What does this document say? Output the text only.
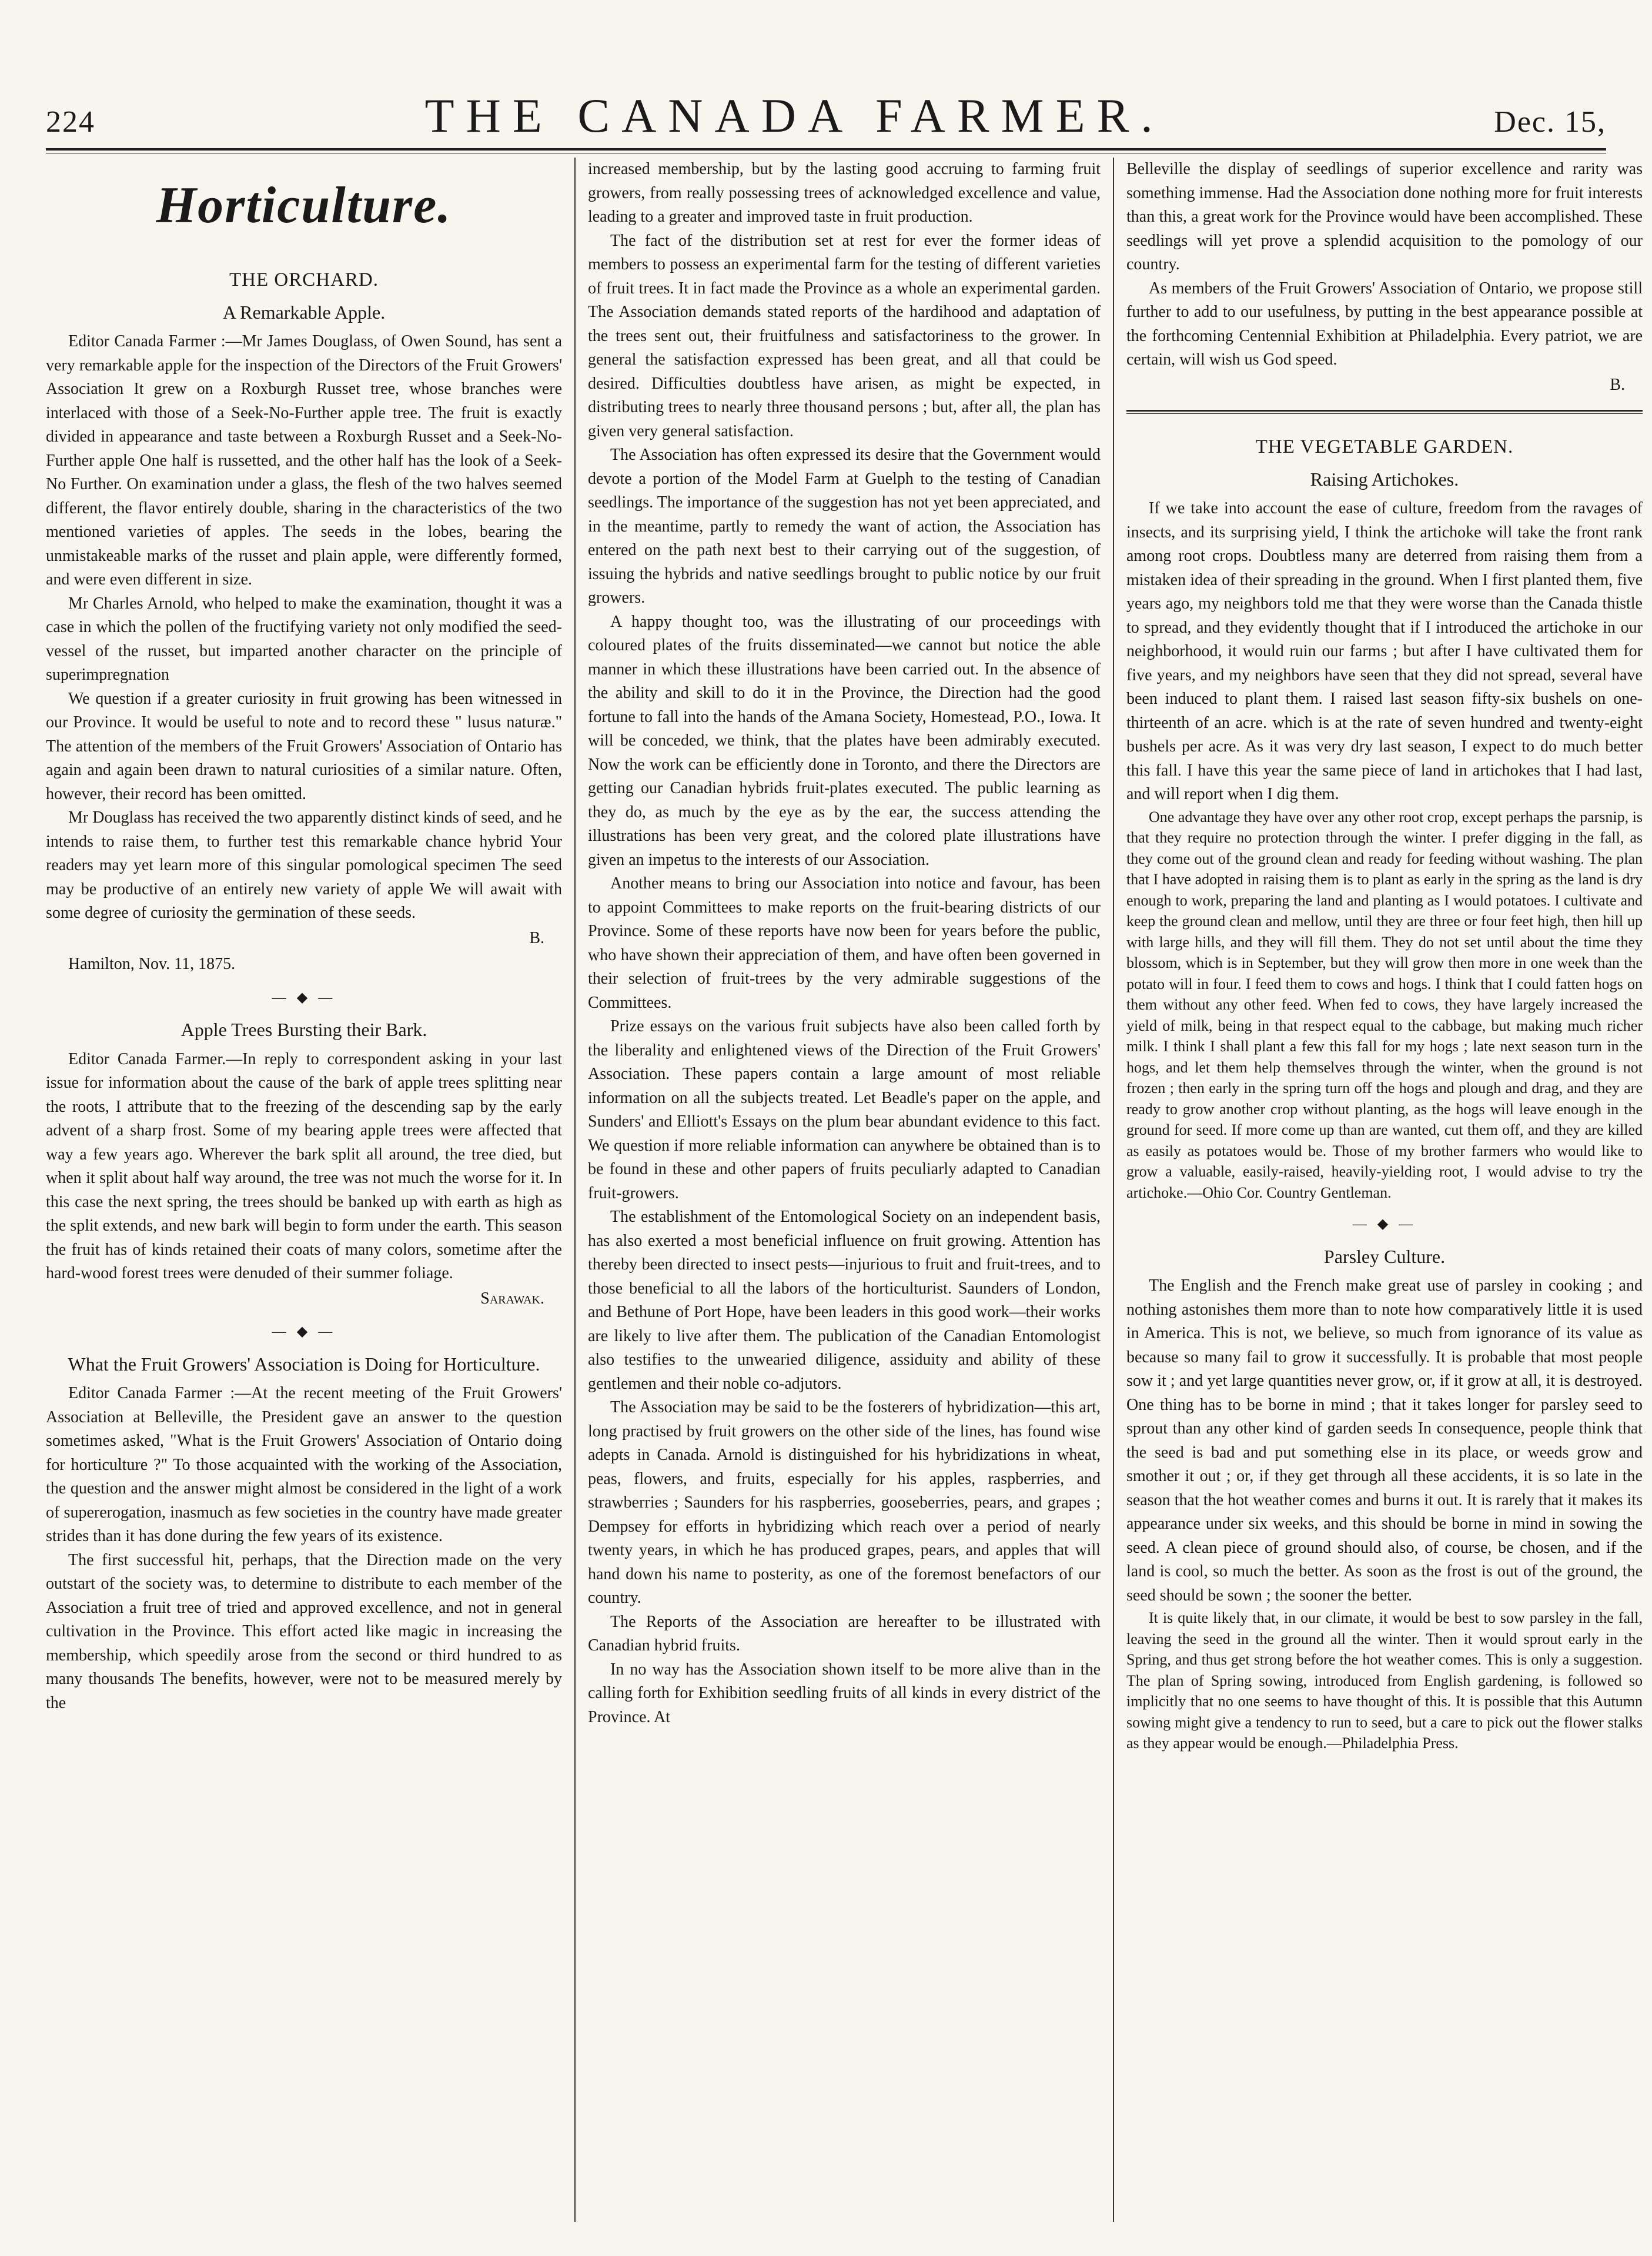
224	THE CANADA FARMER.	Dec. 15,
Horticulture.
THE ORCHARD.
A Remarkable Apple.

Editor Canada Farmer :—Mr James Douglass, of Owen Sound, has sent a very remarkable apple for the inspection of the Directors of the Fruit Growers' Association It grew on a Roxburgh Russet tree, whose branches were interlaced with those of a Seek-No-Further apple tree. The fruit is exactly divided in appearance and taste between a Roxburgh Russet and a Seek-No-Further apple One half is russetted, and the other half has the look of a Seek-No Further. On examination under a glass, the flesh of the two halves seemed different, the flavor entirely double, sharing in the characteristics of the two mentioned varieties of apples. The seeds in the lobes, bearing the unmistakeable marks of the russet and plain apple, were differently formed, and were even different in size.

Mr Charles Arnold, who helped to make the examination, thought it was a case in which the pollen of the fructifying variety not only modified the seed-vessel of the russet, but imparted another character on the principle of superimpregnation

We question if a greater curiosity in fruit growing has been witnessed in our Province. It would be useful to note and to record these " lusus naturæ." The attention of the members of the Fruit Growers' Association of Ontario has again and again been drawn to natural curiosities of a similar nature. Often, however, their record has been omitted.

Mr Douglass has received the two apparently distinct kinds of seed, and he intends to raise them, to further test this remarkable chance hybrid Your readers may yet learn more of this singular pomological specimen The seed may be productive of an entirely new variety of apple We will await with some degree of curiosity the germination of these seeds.

B.

Hamilton, Nov. 11, 1875.

— ◆ —
Apple Trees Bursting their Bark.

Editor Canada Farmer.—In reply to correspondent asking in your last issue for information about the cause of the bark of apple trees splitting near the roots, I attribute that to the freezing of the descending sap by the early advent of a sharp frost. Some of my bearing apple trees were affected that way a few years ago. Wherever the bark split all around, the tree died, but when it split about half way around, the tree was not much the worse for it. In this case the next spring, the trees should be banked up with earth as high as the split extends, and new bark will begin to form under the earth. This season the fruit has of kinds retained their coats of many colors, sometime after the hard-wood forest trees were denuded of their summer foliage.

Sarawak.
— ◆ —
What the Fruit Growers' Association is Doing for Horticulture.

Editor Canada Farmer :—At the recent meeting of the Fruit Growers' Association at Belleville, the President gave an answer to the question sometimes asked, "What is the Fruit Growers' Association of Ontario doing for horticulture ?" To those acquainted with the working of the Association, the question and the answer might almost be considered in the light of a work of supererogation, inasmuch as few societies in the country have made greater strides than it has done during the few years of its existence.

The first successful hit, perhaps, that the Direction made on the very outstart of the society was, to determine to distribute to each member of the Association a fruit tree of tried and approved excellence, and not in general cultivation in the Province. This effort acted like magic in increasing the membership, which speedily arose from the second or third hundred to as many thousands The benefits, however, were not to be measured merely by the

increased membership, but by the lasting good accruing to farming fruit growers, from really possessing trees of acknowledged excellence and value, leading to a greater and improved taste in fruit production.

The fact of the distribution set at rest for ever the former ideas of members to possess an experimental farm for the testing of different varieties of fruit trees. It in fact made the Province as a whole an experimental garden. The Association demands stated reports of the hardihood and adaptation of the trees sent out, their fruitfulness and satisfactoriness to the grower. In general the satisfaction expressed has been great, and all that could be desired. Difficulties doubtless have arisen, as might be expected, in distributing trees to nearly three thousand persons ; but, after all, the plan has given very general satisfaction.

The Association has often expressed its desire that the Government would devote a portion of the Model Farm at Guelph to the testing of Canadian seedlings. The importance of the suggestion has not yet been appreciated, and in the meantime, partly to remedy the want of action, the Association has entered on the path next best to their carrying out of the suggestion, of issuing the hybrids and native seedlings brought to public notice by our fruit growers.

A happy thought too, was the illustrating of our proceedings with coloured plates of the fruits disseminated—we cannot but notice the able manner in which these illustrations have been carried out. In the absence of the ability and skill to do it in the Province, the Direction had the good fortune to fall into the hands of the Amana Society, Homestead, P.O., Iowa. It will be conceded, we think, that the plates have been admirably executed. Now the work can be efficiently done in Toronto, and there the Directors are getting our Canadian hybrids fruit-plates executed. The public learning as they do, as much by the eye as by the ear, the success attending the illustrations has been very great, and the colored plate illustrations have given an impetus to the interests of our Association.

Another means to bring our Association into notice and favour, has been to appoint Committees to make reports on the fruit-bearing districts of our Province. Some of these reports have now been for years before the public, who have shown their appreciation of them, and have often been governed in their selection of fruit-trees by the very admirable suggestions of the Committees.

Prize essays on the various fruit subjects have also been called forth by the liberality and enlightened views of the Direction of the Fruit Growers' Association. These papers contain a large amount of most reliable information on all the subjects treated. Let Beadle's paper on the apple, and Sunders' and Elliott's Essays on the plum bear abundant evidence to this fact. We question if more reliable information can anywhere be obtained than is to be found in these and other papers of fruits peculiarly adapted to Canadian fruit-growers.

The establishment of the Entomological Society on an independent basis, has also exerted a most beneficial influence on fruit growing. Attention has thereby been directed to insect pests—injurious to fruit and fruit-trees, and to those beneficial to all the labors of the horticulturist. Saunders of London, and Bethune of Port Hope, have been leaders in this good work—their works are likely to live after them. The publication of the Canadian Entomologist also testifies to the unwearied diligence, assiduity and ability of these gentlemen and their noble co-adjutors.

The Association may be said to be the fosterers of hybridization—this art, long practised by fruit growers on the other side of the lines, has found wise adepts in Canada. Arnold is distinguished for his hybridizations in wheat, peas, flowers, and fruits, especially for his apples, raspberries, and strawberries ; Saunders for his raspberries, gooseberries, pears, and grapes ; Dempsey for efforts in hybridizing which reach over a period of nearly twenty years, in which he has produced grapes, pears, and apples that will hand down his name to posterity, as one of the foremost benefactors of our country.

The Reports of the Association are hereafter to be illustrated with Canadian hybrid fruits.

In no way has the Association shown itself to be more alive than in the calling forth for Exhibition seedling fruits of all kinds in every district of the Province. At

Belleville the display of seedlings of superior excellence and rarity was something immense. Had the Association done nothing more for fruit interests than this, a great work for the Province would have been accomplished. These seedlings will yet prove a splendid acquisition to the pomology of our country.

As members of the Fruit Growers' Association of Ontario, we propose still further to add to our usefulness, by putting in the best appearance possible at the forthcoming Centennial Exhibition at Philadelphia. Every patriot, we are certain, will wish us God speed.

B.
THE VEGETABLE GARDEN.
Raising Artichokes.

If we take into account the ease of culture, freedom from the ravages of insects, and its surprising yield, I think the artichoke will take the front rank among root crops. Doubtless many are deterred from raising them from a mistaken idea of their spreading in the ground. When I first planted them, five years ago, my neighbors told me that they were worse than the Canada thistle to spread, and they evidently thought that if I introduced the artichoke in our neighborhood, it would ruin our farms ; but after I have cultivated them for five years, and my neighbors have seen that they did not spread, several have been induced to plant them. I raised last season fifty-six bushels on one-thirteenth of an acre. which is at the rate of seven hundred and twenty-eight bushels per acre. As it was very dry last season, I expect to do much better this fall. I have this year the same piece of land in artichokes that I had last, and will report when I dig them.

One advantage they have over any other root crop, except perhaps the parsnip, is that they require no protection through the winter. I prefer digging in the fall, as they come out of the ground clean and ready for feeding without washing. The plan that I have adopted in raising them is to plant as early in the spring as the land is dry enough to work, preparing the land and planting as I would potatoes. I cultivate and keep the ground clean and mellow, until they are three or four feet high, then hill up with large hills, and they will fill them. They do not set until about the time they blossom, which is in September, but they will grow then more in one week than the potato will in four. I feed them to cows and hogs. I think that I could fatten hogs on them without any other feed. When fed to cows, they have largely increased the yield of milk, being in that respect equal to the cabbage, but making much richer milk. I think I shall plant a few this fall for my hogs ; late next season turn in the hogs, and let them help themselves through the winter, when the ground is not frozen ; then early in the spring turn off the hogs and plough and drag, and they are ready to grow another crop without planting, as the hogs will leave enough in the ground for seed. If more come up than are wanted, cut them off, and they are killed as easily as potatoes would be. Those of my brother farmers who would like to grow a valuable, easily-raised, heavily-yielding root, I would advise to try the artichoke.—Ohio Cor. Country Gentleman.

— ◆ —
Parsley Culture.

The English and the French make great use of parsley in cooking ; and nothing astonishes them more than to note how comparatively little it is used in America. This is not, we believe, so much from ignorance of its value as because so many fail to grow it successfully. It is probable that most people sow it ; and yet large quantities never grow, or, if it grow at all, it is destroyed. One thing has to be borne in mind ; that it takes longer for parsley seed to sprout than any other kind of garden seeds In consequence, people think that the seed is bad and put something else in its place, or weeds grow and smother it out ; or, if they get through all these accidents, it is so late in the season that the hot weather comes and burns it out. It is rarely that it makes its appearance under six weeks, and this should be borne in mind in sowing the seed. A clean piece of ground should also, of course, be chosen, and if the land is cool, so much the better. As soon as the frost is out of the ground, the seed should be sown ; the sooner the better.

It is quite likely that, in our climate, it would be best to sow parsley in the fall, leaving the seed in the ground all the winter. Then it would sprout early in the Spring, and thus get strong before the hot weather comes. This is only a suggestion. The plan of Spring sowing, introduced from English gardening, is followed so implicitly that no one seems to have thought of this. It is possible that this Autumn sowing might give a tendency to run to seed, but a care to pick out the flower stalks as they appear would be enough.—Philadelphia Press.
